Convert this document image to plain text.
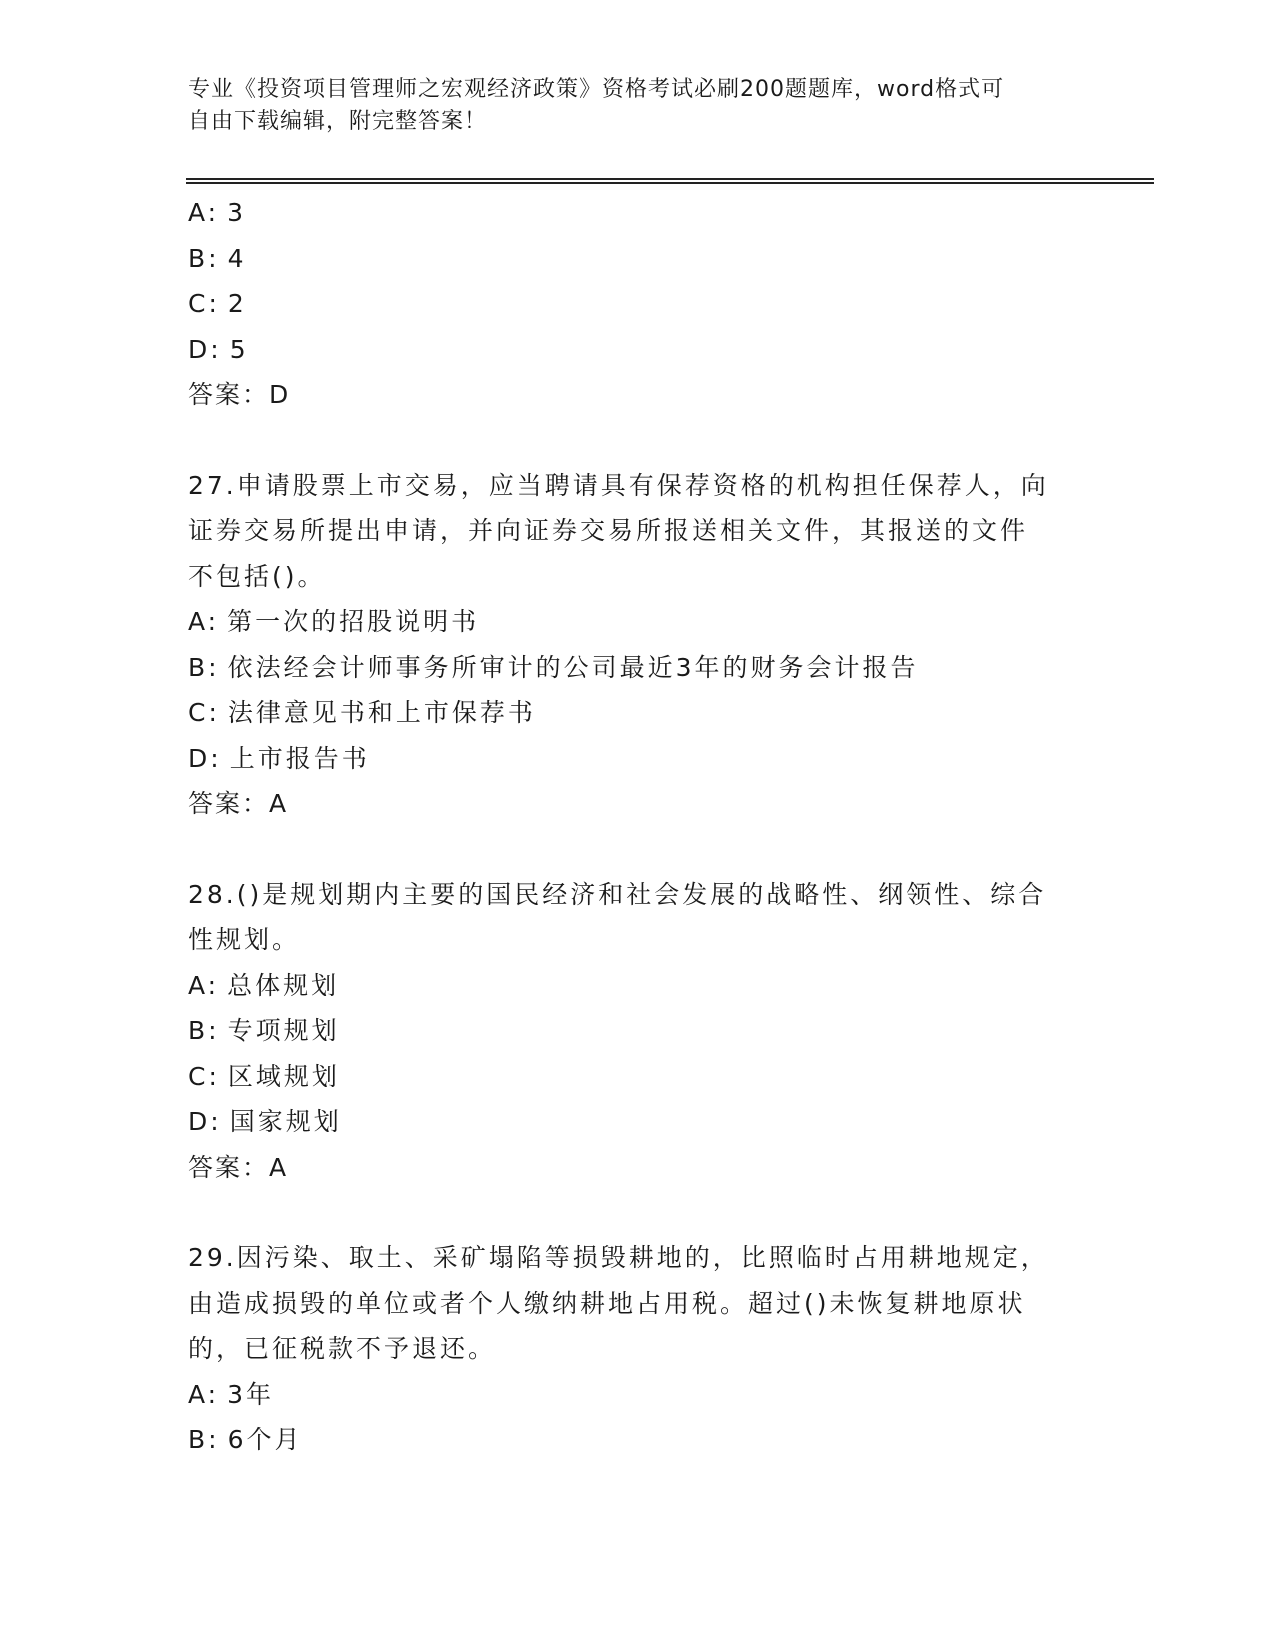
专业《投资项目管理师之宏观经济政策》资格考试必刷200题题库，word格式可
自由下载编辑，附完整答案！
A: 3
B: 4
C: 2
D: 5
答案：D
27.申请股票上市交易，应当聘请具有保荐资格的机构担任保荐人，向
证券交易所提出申请，并向证券交易所报送相关文件，其报送的文件
不包括()。
A: 第一次的招股说明书
B: 依法经会计师事务所审计的公司最近3年的财务会计报告
C: 法律意见书和上市保荐书
D: 上市报告书
答案：A
28.()是规划期内主要的国民经济和社会发展的战略性、纲领性、综合
性规划。
A: 总体规划
B: 专项规划
C: 区域规划
D: 国家规划
答案：A
29.因污染、取土、采矿塌陷等损毁耕地的，比照临时占用耕地规定，
由造成损毁的单位或者个人缴纳耕地占用税。超过()未恢复耕地原状
的，已征税款不予退还。
A: 3年
B: 6个月
